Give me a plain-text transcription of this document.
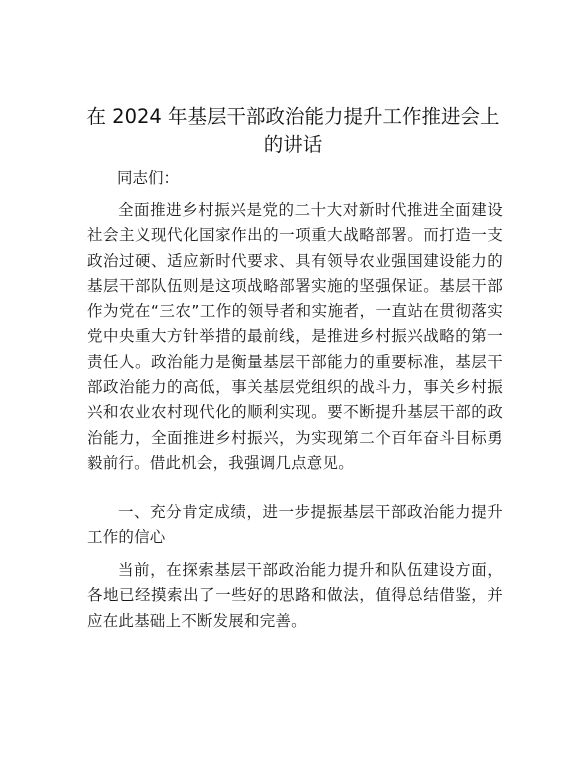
在 2024 年基层干部政治能力提升工作推进会上的讲话

同志们：

全面推进乡村振兴是党的二十大对新时代推进全面建设社会主义现代化国家作出的一项重大战略部署。而打造一支政治过硬、适应新时代要求、具有领导农业强国建设能力的基层干部队伍则是这项战略部署实施的坚强保证。基层干部作为党在“三农”工作的领导者和实施者，一直站在贯彻落实党中央重大方针举措的最前线，是推进乡村振兴战略的第一责任人。政治能力是衡量基层干部能力的重要标准，基层干部政治能力的高低，事关基层党组织的战斗力，事关乡村振兴和农业农村现代化的顺利实现。要不断提升基层干部的政治能力，全面推进乡村振兴，为实现第二个百年奋斗目标勇毅前行。借此机会，我强调几点意见。

一、充分肯定成绩，进一步提振基层干部政治能力提升工作的信心

当前，在探索基层干部政治能力提升和队伍建设方面，各地已经摸索出了一些好的思路和做法，值得总结借鉴，并应在此基础上不断发展和完善。
